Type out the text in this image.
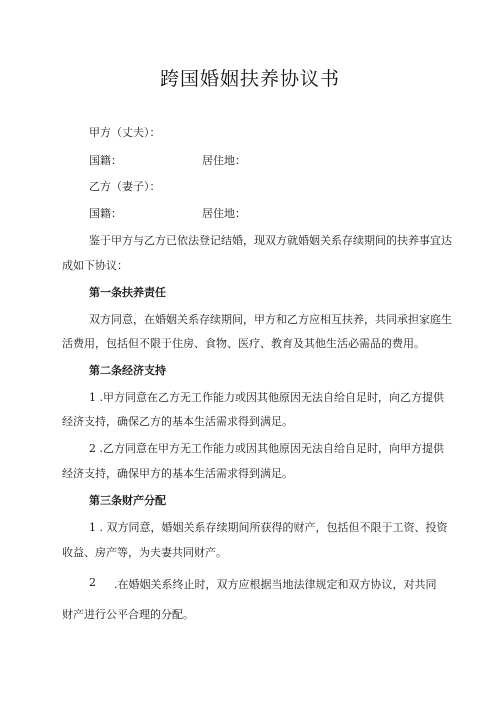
跨国婚姻扶养协议书
甲方（丈夫）：
国籍：	居住地：
乙方（妻子）：
国籍：	居住地：
鉴于甲方与乙方已依法登记结婚，现双方就婚姻关系存续期间的扶养事宜达
成如下协议：
第一条扶养责任
双方同意，在婚姻关系存续期间，甲方和乙方应相互扶养，共同承担家庭生
活费用，包括但不限于住房、食物、医疗、教育及其他生活必需品的费用。
第二条经济支持
1 .甲方同意在乙方无工作能力或因其他原因无法自给自足时，向乙方提供
经济支持，确保乙方的基本生活需求得到满足。
2 .乙方同意在甲方无工作能力或因其他原因无法自给自足时，向甲方提供
经济支持，确保甲方的基本生活需求得到满足。
第三条财产分配
1 . 双方同意，婚姻关系存续期间所获得的财产，包括但不限于工资、投资
收益、房产等，为夫妻共同财产。
2 .在婚姻关系终止时，双方应根据当地法律规定和双方协议，对共同
财产进行公平合理的分配。
